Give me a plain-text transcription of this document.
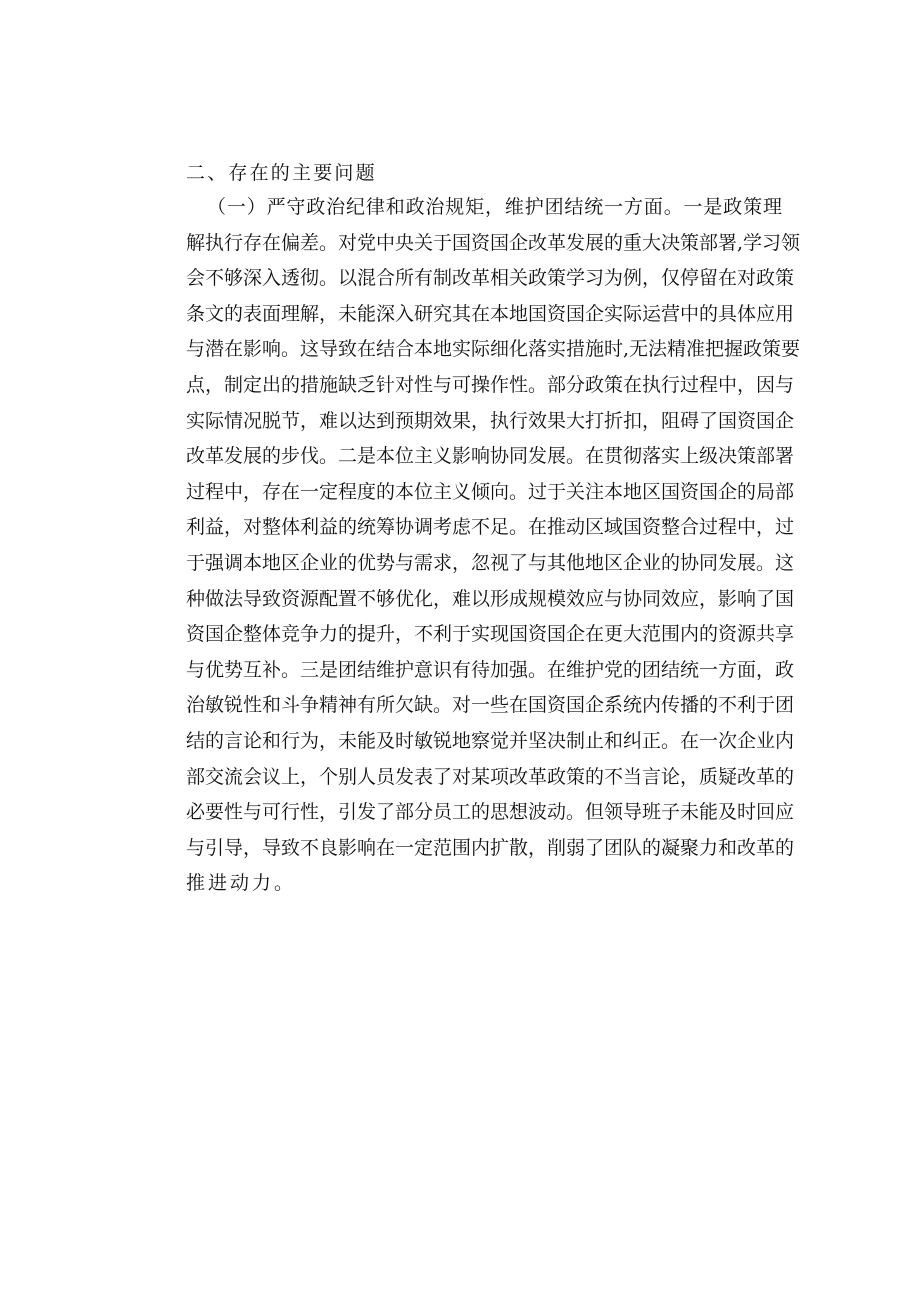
二、存在的主要问题
（一）严守政治纪律和政治规矩，维护团结统一方面。一是政策理
解执行存在偏差。对党中央关于国资国企改革发展的重大决策部署,学习领
会不够深入透彻。以混合所有制改革相关政策学习为例，仅停留在对政策
条文的表面理解，未能深入研究其在本地国资国企实际运营中的具体应用
与潜在影响。这导致在结合本地实际细化落实措施时,无法精准把握政策要
点，制定出的措施缺乏针对性与可操作性。部分政策在执行过程中，因与
实际情况脱节，难以达到预期效果，执行效果大打折扣，阻碍了国资国企
改革发展的步伐。二是本位主义影响协同发展。在贯彻落实上级决策部署
过程中，存在一定程度的本位主义倾向。过于关注本地区国资国企的局部
利益，对整体利益的统筹协调考虑不足。在推动区域国资整合过程中，过
于强调本地区企业的优势与需求，忽视了与其他地区企业的协同发展。这
种做法导致资源配置不够优化，难以形成规模效应与协同效应，影响了国
资国企整体竞争力的提升，不利于实现国资国企在更大范围内的资源共享
与优势互补。三是团结维护意识有待加强。在维护党的团结统一方面，政
治敏锐性和斗争精神有所欠缺。对一些在国资国企系统内传播的不利于团
结的言论和行为，未能及时敏锐地察觉并坚决制止和纠正。在一次企业内
部交流会议上，个别人员发表了对某项改革政策的不当言论，质疑改革的
必要性与可行性，引发了部分员工的思想波动。但领导班子未能及时回应
与引导，导致不良影响在一定范围内扩散，削弱了团队的凝聚力和改革的
推进动力。
